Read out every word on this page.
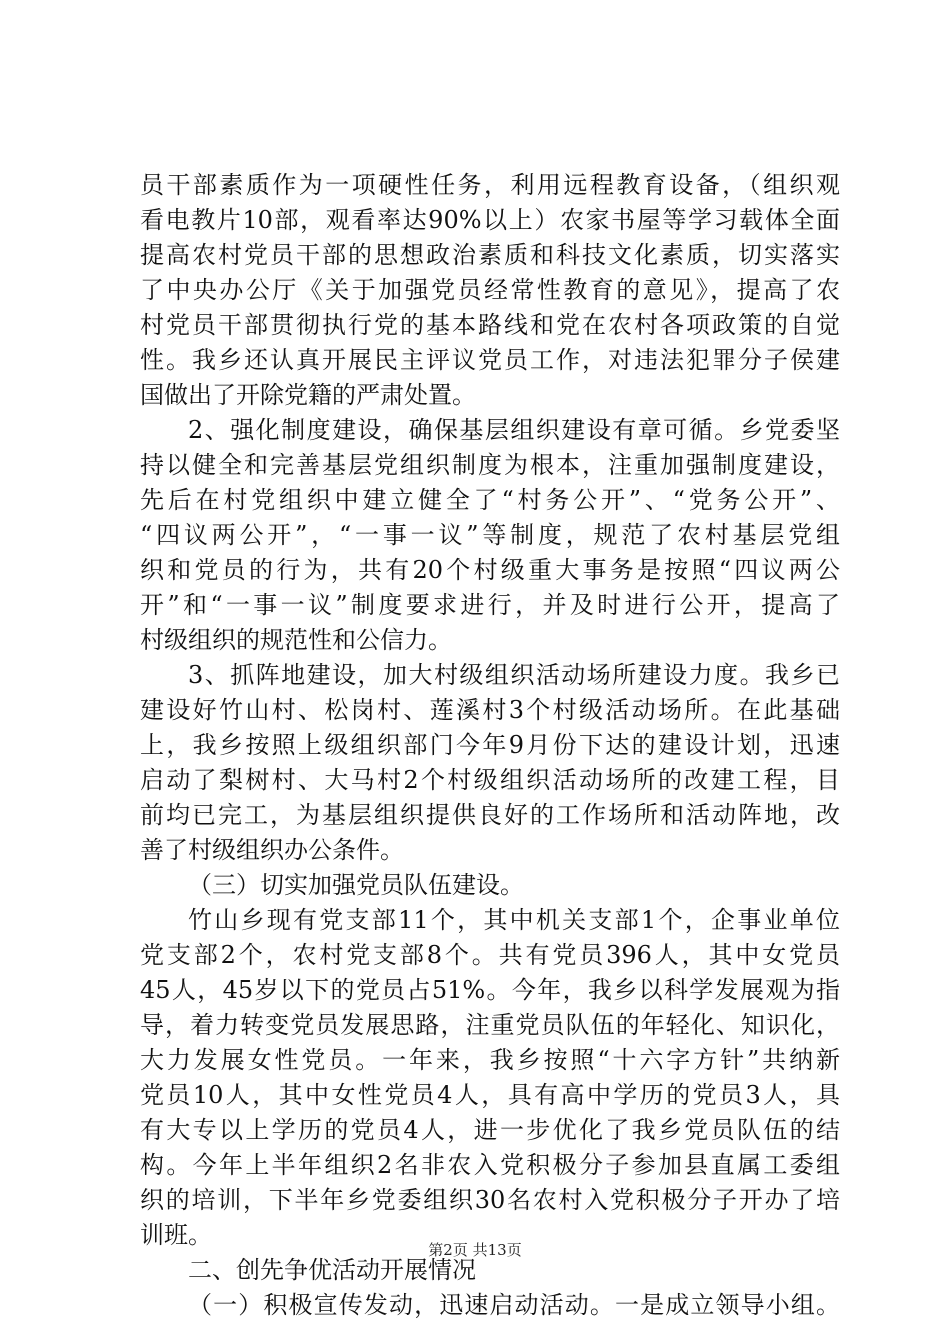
员干部素质作为一项硬性任务，利用远程教育设备，（组织观
看电教片10部，观看率达90%以上）农家书屋等学习载体全面
提高农村党员干部的思想政治素质和科技文化素质，切实落实
了中央办公厅《关于加强党员经常性教育的意见》，提高了农
村党员干部贯彻执行党的基本路线和党在农村各项政策的自觉
性。我乡还认真开展民主评议党员工作，对违法犯罪分子侯建
国做出了开除党籍的严肃处置。
2、强化制度建设，确保基层组织建设有章可循。乡党委坚
持以健全和完善基层党组织制度为根本，注重加强制度建设，
先后在村党组织中建立健全了“村务公开”、“党务公开”、
“四议两公开”，“一事一议”等制度，规范了农村基层党组
织和党员的行为，共有20个村级重大事务是按照“四议两公
开”和“一事一议”制度要求进行，并及时进行公开，提高了
村级组织的规范性和公信力。
3、抓阵地建设，加大村级组织活动场所建设力度。我乡已
建设好竹山村、松岗村、莲溪村3个村级活动场所。在此基础
上，我乡按照上级组织部门今年9月份下达的建设计划，迅速
启动了梨树村、大马村2个村级组织活动场所的改建工程，目
前均已完工，为基层组织提供良好的工作场所和活动阵地，改
善了村级组织办公条件。
（三）切实加强党员队伍建设。
竹山乡现有党支部11个，其中机关支部1个，企事业单位
党支部2个，农村党支部8个。共有党员396人，其中女党员
45人，45岁以下的党员占51%。今年，我乡以科学发展观为指
导，着力转变党员发展思路，注重党员队伍的年轻化、知识化，
大力发展女性党员。一年来，我乡按照“十六字方针”共纳新
党员10人，其中女性党员4人，具有高中学历的党员3人，具
有大专以上学历的党员4人，进一步优化了我乡党员队伍的结
构。今年上半年组织2名非农入党积极分子参加县直属工委组
织的培训，下半年乡党委组织30名农村入党积极分子开办了培
训班。
二、创先争优活动开展情况
（一）积极宣传发动，迅速启动活动。一是成立领导小组。
第2页 共13页
